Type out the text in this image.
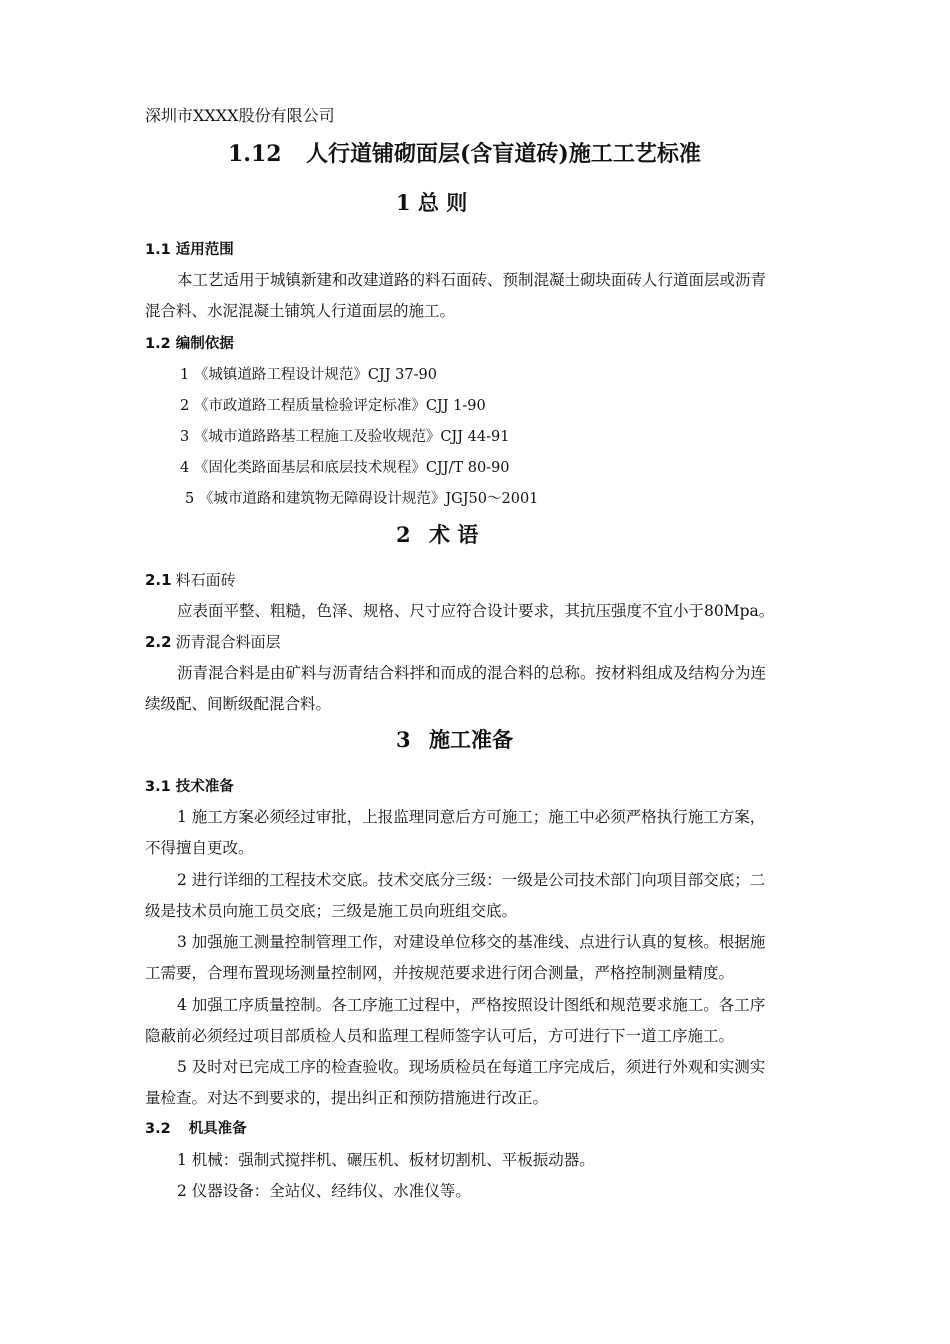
深圳市XXXX股份有限公司
1.12 人行道铺砌面层(含盲道砖)施工工艺标准
1 总 则
1.1 适用范围
本工艺适用于城镇新建和改建道路的料石面砖、预制混凝土砌块面砖人行道面层或沥青
混合料、水泥混凝土铺筑人行道面层的施工。
1.2 编制依据
1 《城镇道路工程设计规范》CJJ 37-90
2 《市政道路工程质量检验评定标准》CJJ 1-90
3 《城市道路路基工程施工及验收规范》CJJ 44-91
4 《固化类路面基层和底层技术规程》CJJ/T 80-90
5 《城市道路和建筑物无障碍设计规范》JGJ50～2001
2 术 语
2.1 料石面砖
应表面平整、粗糙，色泽、规格、尺寸应符合设计要求，其抗压强度不宜小于80Mpa。
2.2 沥青混合料面层
沥青混合料是由矿料与沥青结合料拌和而成的混合料的总称。按材料组成及结构分为连
续级配、间断级配混合料。
3 施工准备
3.1 技术准备
1 施工方案必须经过审批，上报监理同意后方可施工；施工中必须严格执行施工方案，
不得擅自更改。
2 进行详细的工程技术交底。技术交底分三级：一级是公司技术部门向项目部交底；二
级是技术员向施工员交底；三级是施工员向班组交底。
3 加强施工测量控制管理工作，对建设单位移交的基准线、点进行认真的复核。根据施
工需要，合理布置现场测量控制网，并按规范要求进行闭合测量，严格控制测量精度。
4 加强工序质量控制。各工序施工过程中，严格按照设计图纸和规范要求施工。各工序
隐蔽前必须经过项目部质检人员和监理工程师签字认可后，方可进行下一道工序施工。
5 及时对已完成工序的检查验收。现场质检员在每道工序完成后，须进行外观和实测实
量检查。对达不到要求的，提出纠正和预防措施进行改正。
3.2 机具准备
1 机械：强制式搅拌机、碾压机、板材切割机、平板振动器。
2 仪器设备：全站仪、经纬仪、水准仪等。
